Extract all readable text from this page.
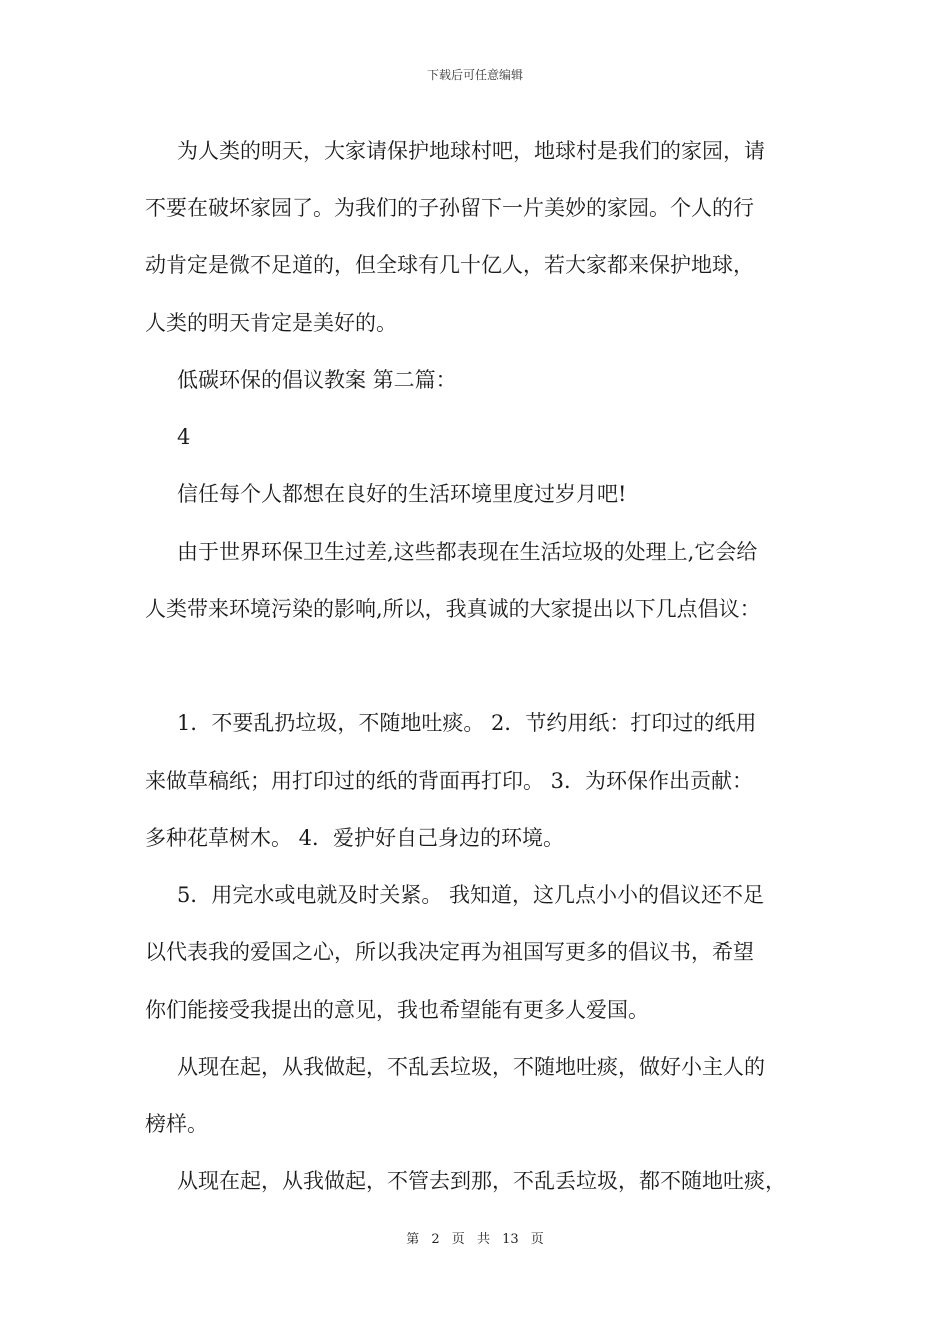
下载后可任意编辑
为人类的明天，大家请保护地球村吧，地球村是我们的家园，请
不要在破坏家园了。为我们的子孙留下一片美妙的家园。个人的行
动肯定是微不足道的，但全球有几十亿人，若大家都来保护地球，
人类的明天肯定是美好的。
低碳环保的倡议教案 第二篇：
4
信任每个人都想在良好的生活环境里度过岁月吧!
由于世界环保卫生过差,这些都表现在生活垃圾的处理上,它会给
人类带来环境污染的影响,所以，我真诚的大家提出以下几点倡议：
1．不要乱扔垃圾，不随地吐痰。 2．节约用纸：打印过的纸用
来做草稿纸；用打印过的纸的背面再打印。 3．为环保作出贡献：
多种花草树木。 4．爱护好自己身边的环境。
5．用完水或电就及时关紧。 我知道，这几点小小的倡议还不足
以代表我的爱国之心，所以我决定再为祖国写更多的倡议书，希望
你们能接受我提出的意见，我也希望能有更多人爱国。
从现在起，从我做起，不乱丢垃圾，不随地吐痰，做好小主人的
榜样。
从现在起，从我做起，不管去到那，不乱丢垃圾，都不随地吐痰，
第 2 页 共 13 页
